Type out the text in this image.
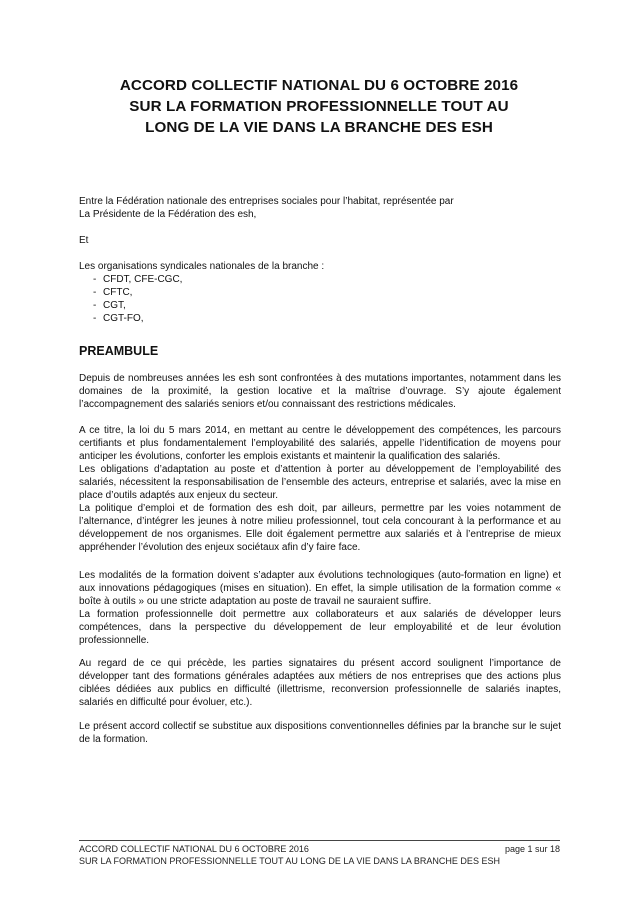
ACCORD COLLECTIF NATIONAL DU 6 OCTOBRE 2016
SUR LA FORMATION PROFESSIONNELLE TOUT AU
LONG DE LA VIE DANS LA BRANCHE DES ESH
Entre la Fédération nationale des entreprises sociales pour l’habitat, représentée par
La Présidente de la Fédération des esh,
Et
Les organisations syndicales nationales de la branche :
- CFDT, CFE-CGC,
- CFTC,
- CGT,
- CGT-FO,
PREAMBULE

Depuis de nombreuses années les esh sont confrontées à des mutations importantes, notamment dans les domaines de la proximité, la gestion locative et la maîtrise d’ouvrage. S’y ajoute également l’accompagnement des salariés seniors et/ou connaissant des restrictions médicales.

A ce titre, la loi du 5 mars 2014, en mettant au centre le développement des compétences, les parcours certifiants et plus fondamentalement l’employabilité des salariés, appelle l’identification de moyens pour anticiper les évolutions, conforter les emplois existants et maintenir la qualification des salariés.

Les obligations d’adaptation au poste et d’attention à porter au développement de l’employabilité des salariés, nécessitent la responsabilisation de l’ensemble des acteurs, entreprise et salariés, avec la mise en place d’outils adaptés aux enjeux du secteur.

La politique d’emploi et de formation des esh doit, par ailleurs, permettre par les voies notamment de l’alternance, d’intégrer les jeunes à notre milieu professionnel, tout cela concourant à la performance et au développement de nos organismes. Elle doit également permettre aux salariés et à l’entreprise de mieux appréhender l’évolution des enjeux sociétaux afin d’y faire face.

Les modalités de la formation doivent s’adapter aux évolutions technologiques (auto-formation en ligne) et aux innovations pédagogiques (mises en situation). En effet, la simple utilisation de la formation comme « boîte à outils » ou une stricte adaptation au poste de travail ne sauraient suffire.

La formation professionnelle doit permettre aux collaborateurs et aux salariés de développer leurs compétences, dans la perspective du développement de leur employabilité et de leur évolution professionnelle.

Au regard de ce qui précède, les parties signataires du présent accord soulignent l’importance de développer tant des formations générales adaptées aux métiers de nos entreprises que des actions plus ciblées dédiées aux publics en difficulté (illettrisme, reconversion professionnelle de salariés inaptes, salariés en difficulté pour évoluer, etc.).

Le présent accord collectif se substitue aux dispositions conventionnelles définies par la branche sur le sujet de la formation.

ACCORD COLLECTIF NATIONAL DU 6 OCTOBRE 2016	page 1 sur 18
SUR LA FORMATION PROFESSIONNELLE TOUT AU LONG DE LA VIE DANS LA BRANCHE DES ESH
